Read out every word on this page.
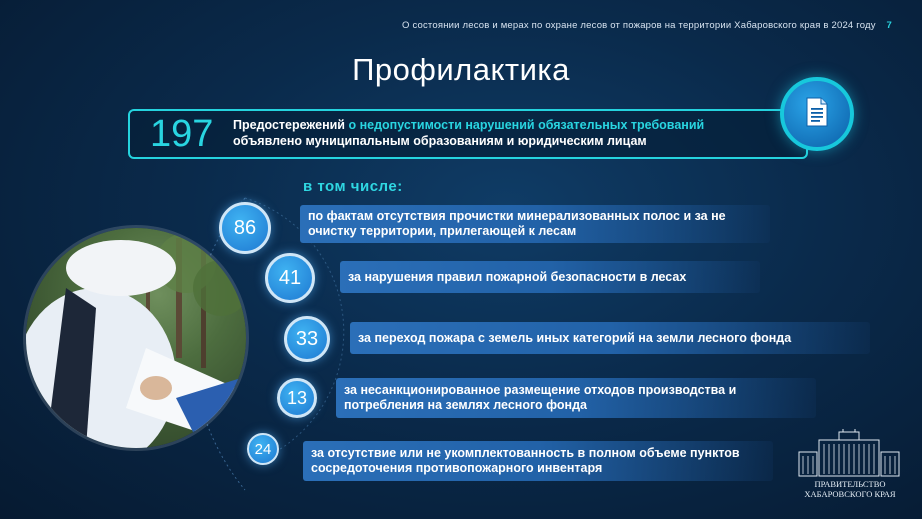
О состоянии лесов и мерах по охране лесов от пожаров на территории Хабаровского края в 2024 году 7
Профилактика
197 Предостережений о недопустимости нарушений обязательных требований
объявлено муниципальным образованиям и юридическим лицам
в том числе:
по фактам отсутствия прочистки минерализованных полос и за не очистку территории, прилегающей к лесам
86
за нарушения правил пожарной безопасности в лесах
41
за переход пожара с земель иных категорий на земли лесного фонда
33
за несанкционированное размещение отходов производства и потребления на землях лесного фонда
13
за отсутствие или не укомплектованность в полном объеме пунктов сосредоточения противопожарного инвентаря
24
ПРАВИТЕЛЬСТВО
ХАБАРОВСКОГО КРАЯ
